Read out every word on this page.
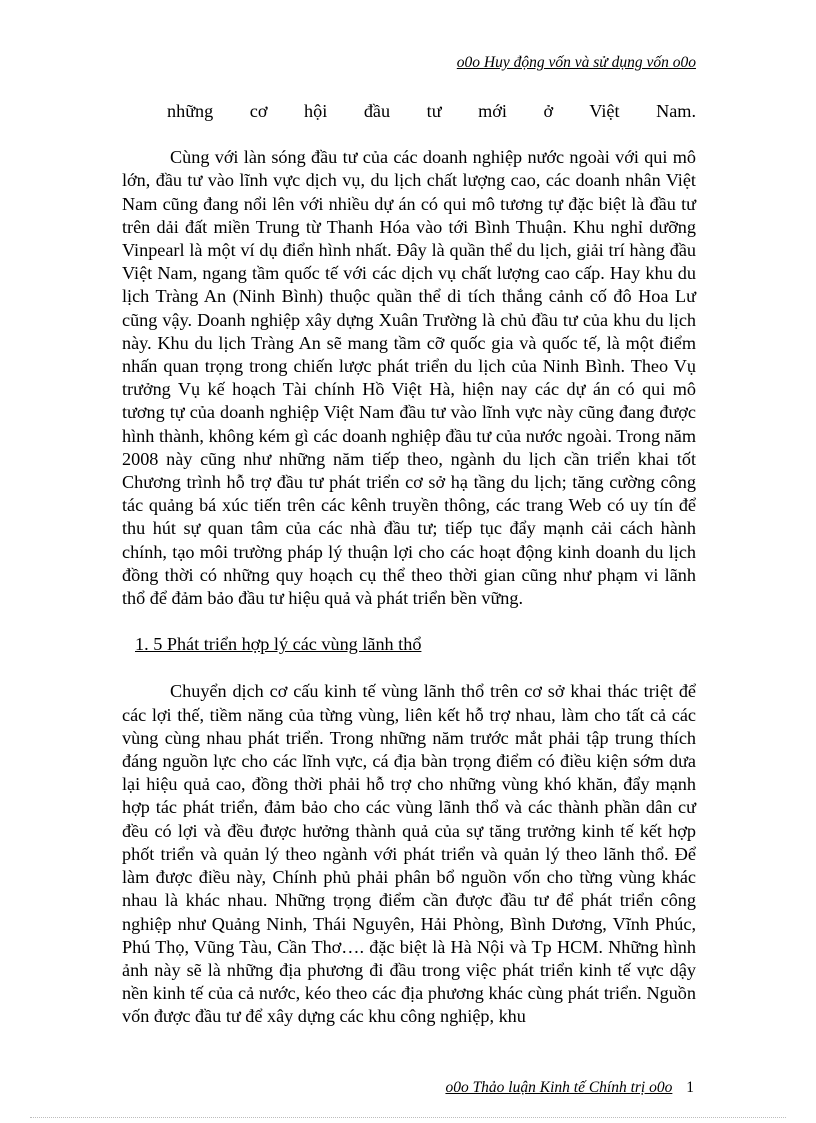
o0o Huy động vốn và sử dụng vốn o0o

những cơ hội đầu tư mới ở Việt Nam.

Cùng với làn sóng đầu tư của các doanh nghiệp nước ngoài với qui mô lớn, đầu tư vào lĩnh vực dịch vụ, du lịch chất lượng cao, các doanh nhân Việt Nam cũng đang nổi lên với nhiều dự án có qui mô tương tự đặc biệt là đầu tư trên dải đất miền Trung từ Thanh Hóa vào tới Bình Thuận. Khu nghỉ dưỡng Vinpearl là một ví dụ điển hình nhất. Đây là quần thể du lịch, giải trí hàng đầu Việt Nam, ngang tầm quốc tế với các dịch vụ chất lượng cao cấp. Hay khu du lịch Tràng An (Ninh Bình) thuộc quần thể di tích thắng cảnh cố đô Hoa Lư cũng vậy. Doanh nghiệp xây dựng Xuân Trường là chủ đầu tư của khu du lịch này. Khu du lịch Tràng An sẽ mang tầm cỡ quốc gia và quốc tế, là một điểm nhấn quan trọng trong chiến lược phát triển du lịch của Ninh Bình. Theo Vụ trưởng Vụ kế hoạch Tài chính Hồ Việt Hà, hiện nay các dự án có qui mô tương tự của doanh nghiệp Việt Nam đầu tư vào lĩnh vực này cũng đang được hình thành, không kém gì các doanh nghiệp đầu tư của nước ngoài. Trong năm 2008 này cũng như những năm tiếp theo, ngành du lịch cần triển khai tốt Chương trình hỗ trợ đầu tư phát triển cơ sở hạ tầng du lịch; tăng cường công tác quảng bá xúc tiến trên các kênh truyền thông, các trang Web có uy tín để thu hút sự quan tâm của các nhà đầu tư; tiếp tục đẩy mạnh cải cách hành chính, tạo môi trường pháp lý thuận lợi cho các hoạt động kinh doanh du lịch đồng thời có những quy hoạch cụ thể theo thời gian cũng như phạm vi lãnh thổ để đảm bảo đầu tư hiệu quả và phát triển bền vững.

1. 5 Phát triển hợp lý các vùng lãnh thổ

Chuyển dịch cơ cấu kinh tế vùng lãnh thổ trên cơ sở khai thác triệt để các lợi thế, tiềm năng của từng vùng, liên kết hỗ trợ nhau, làm cho tất cả các vùng cùng nhau phát triển. Trong những năm trước mắt phải tập trung thích đáng nguồn lực cho các lĩnh vực, cá địa bàn trọng điểm có điều kiện sớm dưa lại hiệu quả cao, đồng thời phải hỗ trợ cho những vùng khó khăn, đẩy mạnh hợp tác phát triển, đảm bảo cho các vùng lãnh thổ và các thành phần dân cư đều có lợi và đều được hưởng thành quả của sự tăng trưởng kinh tế kết hợp phốt triển và quản lý theo ngành với phát triển và quản lý theo lãnh thổ. Để làm được điều này, Chính phủ phải phân bổ nguồn vốn cho từng vùng khác nhau là khác nhau. Những trọng điểm cần được đầu tư để phát triển công nghiệp như Quảng Ninh, Thái Nguyên, Hải Phòng, Bình Dương, Vĩnh Phúc, Phú Thọ, Vũng Tàu, Cần Thơ…. đặc biệt là Hà Nội và Tp HCM. Những hình ảnh này sẽ là những địa phương đi đầu trong việc phát triển kinh tế vực dậy nền kinh tế của cả nước, kéo theo các địa phương khác cùng phát triển. Nguồn vốn được đầu tư để xây dựng các khu công nghiệp, khu

o0o Thảo luận Kinh tế Chính trị o0o 1
